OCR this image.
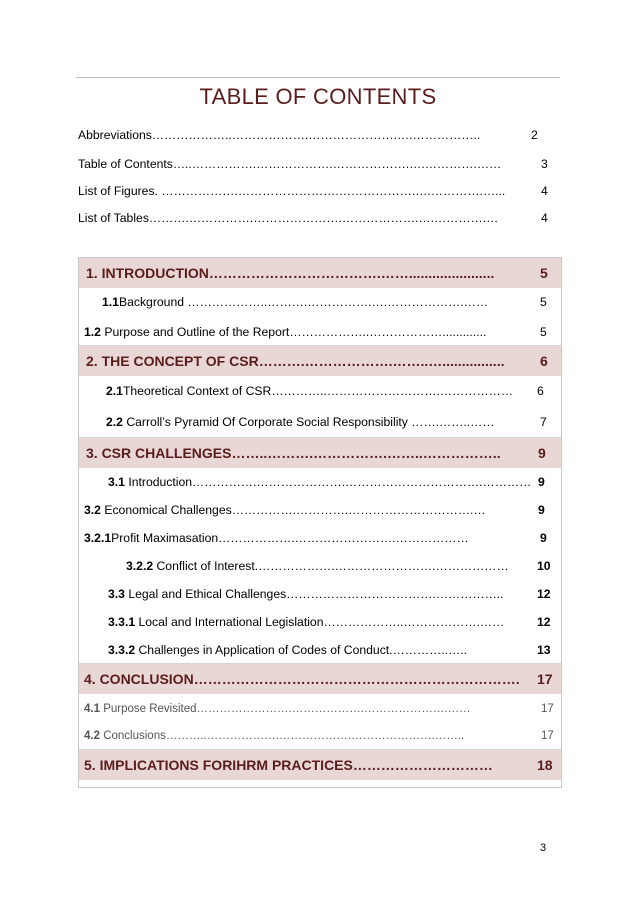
TABLE OF CONTENTS
Abbreviations………………..……………….………………….….……………..	2
Table of Contents…..…………….……………….……………….….………….……	3
List of Figures. ……………….…………………….……………….….………….…...	4
List of Tables……….…………….………………….……………….….………….…	4
1. INTRODUCTION……………………………….……......................	5
1.1Background ………………..……….…………….….……………….……	5
1.2 Purpose and Outline of the Report………………..……………….............	5
2. THE CONCEPT OF CSR……….……………….……..…................	6
2.1Theoretical Context of CSR…………..……………………….……………… 6
2.2 Carroll’s Pyramid Of Corporate Social Responsibility …….……..……	7
3. CSR CHALLENGES……..……….…………….……..……………..	9
3.1 Introduction…………….………………….…………………………….………… 9
3.2 Economical Challenges…………….………….………………………….…	9
3.2.1Profit Maximasation……………….…………………….………………	9
3.2.2 Conflict of Interest.……………….…………………….……………… 10
3.3 Legal and Ethical Challenges……………………………….……………..	12
3.3.1 Local and International Legislation………………..……………….……	12
3.3.2 Challenges in Application of Codes of Conduct.…………..…..	13
4. CONCLUSION……………………………………………………………. 17
4.1 Purpose Revisited…………………….……………….………………….……	17
4.2 Conclusions………..……………….……………….………………….……..	17
5. IMPLICATIONS FORIHRM PRACTICES…………………………	18
3
